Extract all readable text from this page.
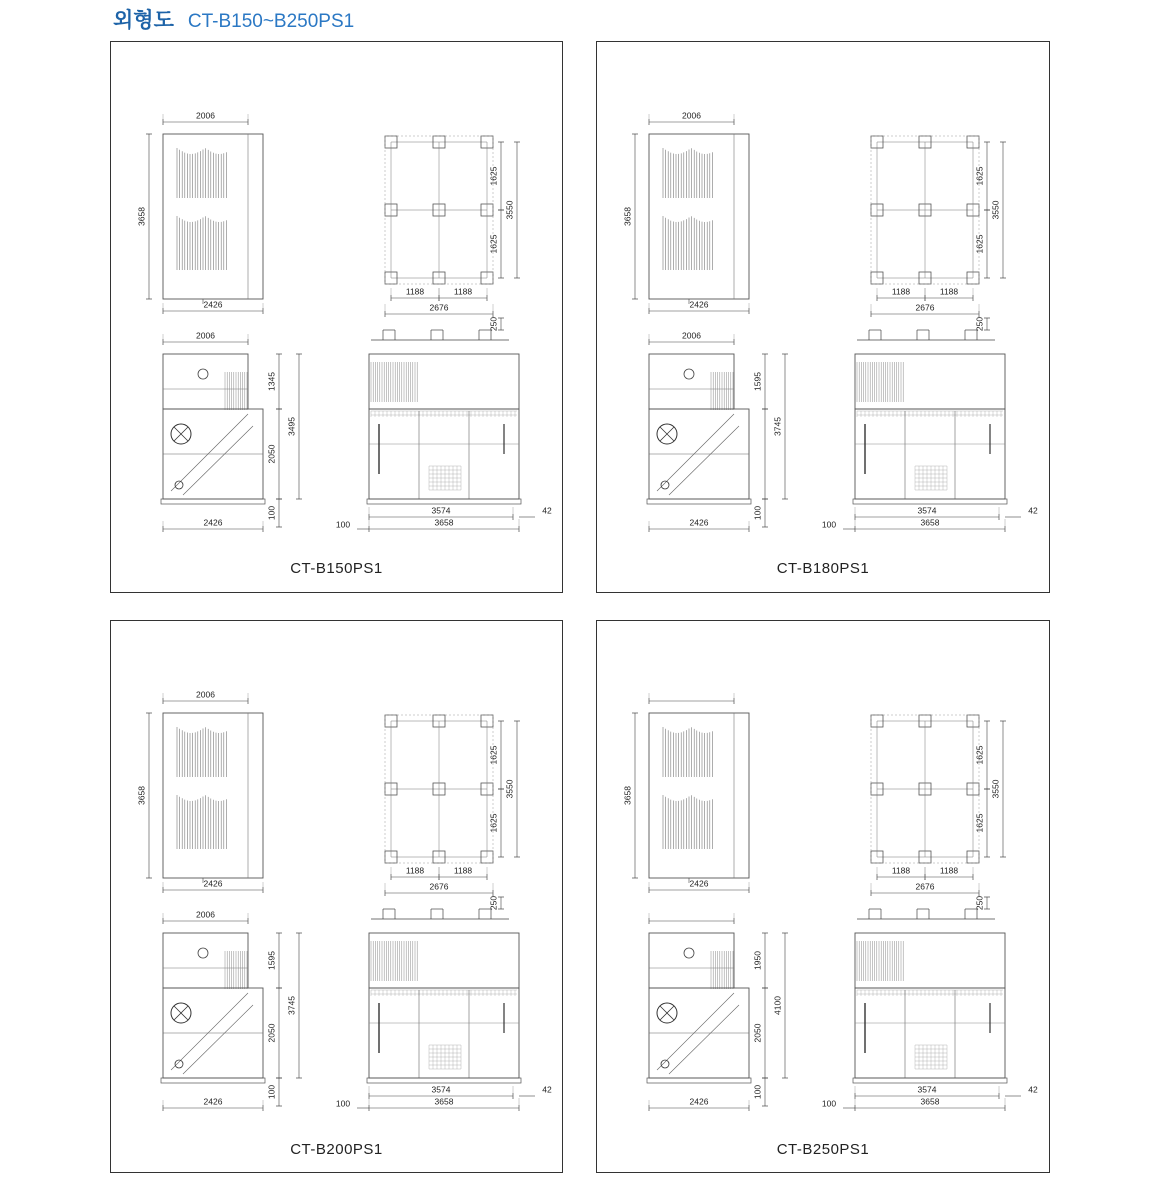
외형도 CT-B150~B250PS1
CT-B150PS1
2006
3658
2426
1625
1625
3550
1188	1188
2676
250
2006
1345
2050
3495
2426
100	3574
3658
100
42
CT-B180PS1
2006
3658
2426
1625
1625
3550
1188	1188
2676
250
2006
1595
3745
2426
100	3574
3658
100
42
CT-B200PS1
2006
3658
2426
1625
1625
3550
1188	1188
2676
250
2006
1595
2050
3745
2426
100	3574
3658
100
42
CT-B250PS1
3658
2426
1625
1625
3550
1188	1188
2676
250
1950
2050
4100
2426
100	3574
3658
100
42
